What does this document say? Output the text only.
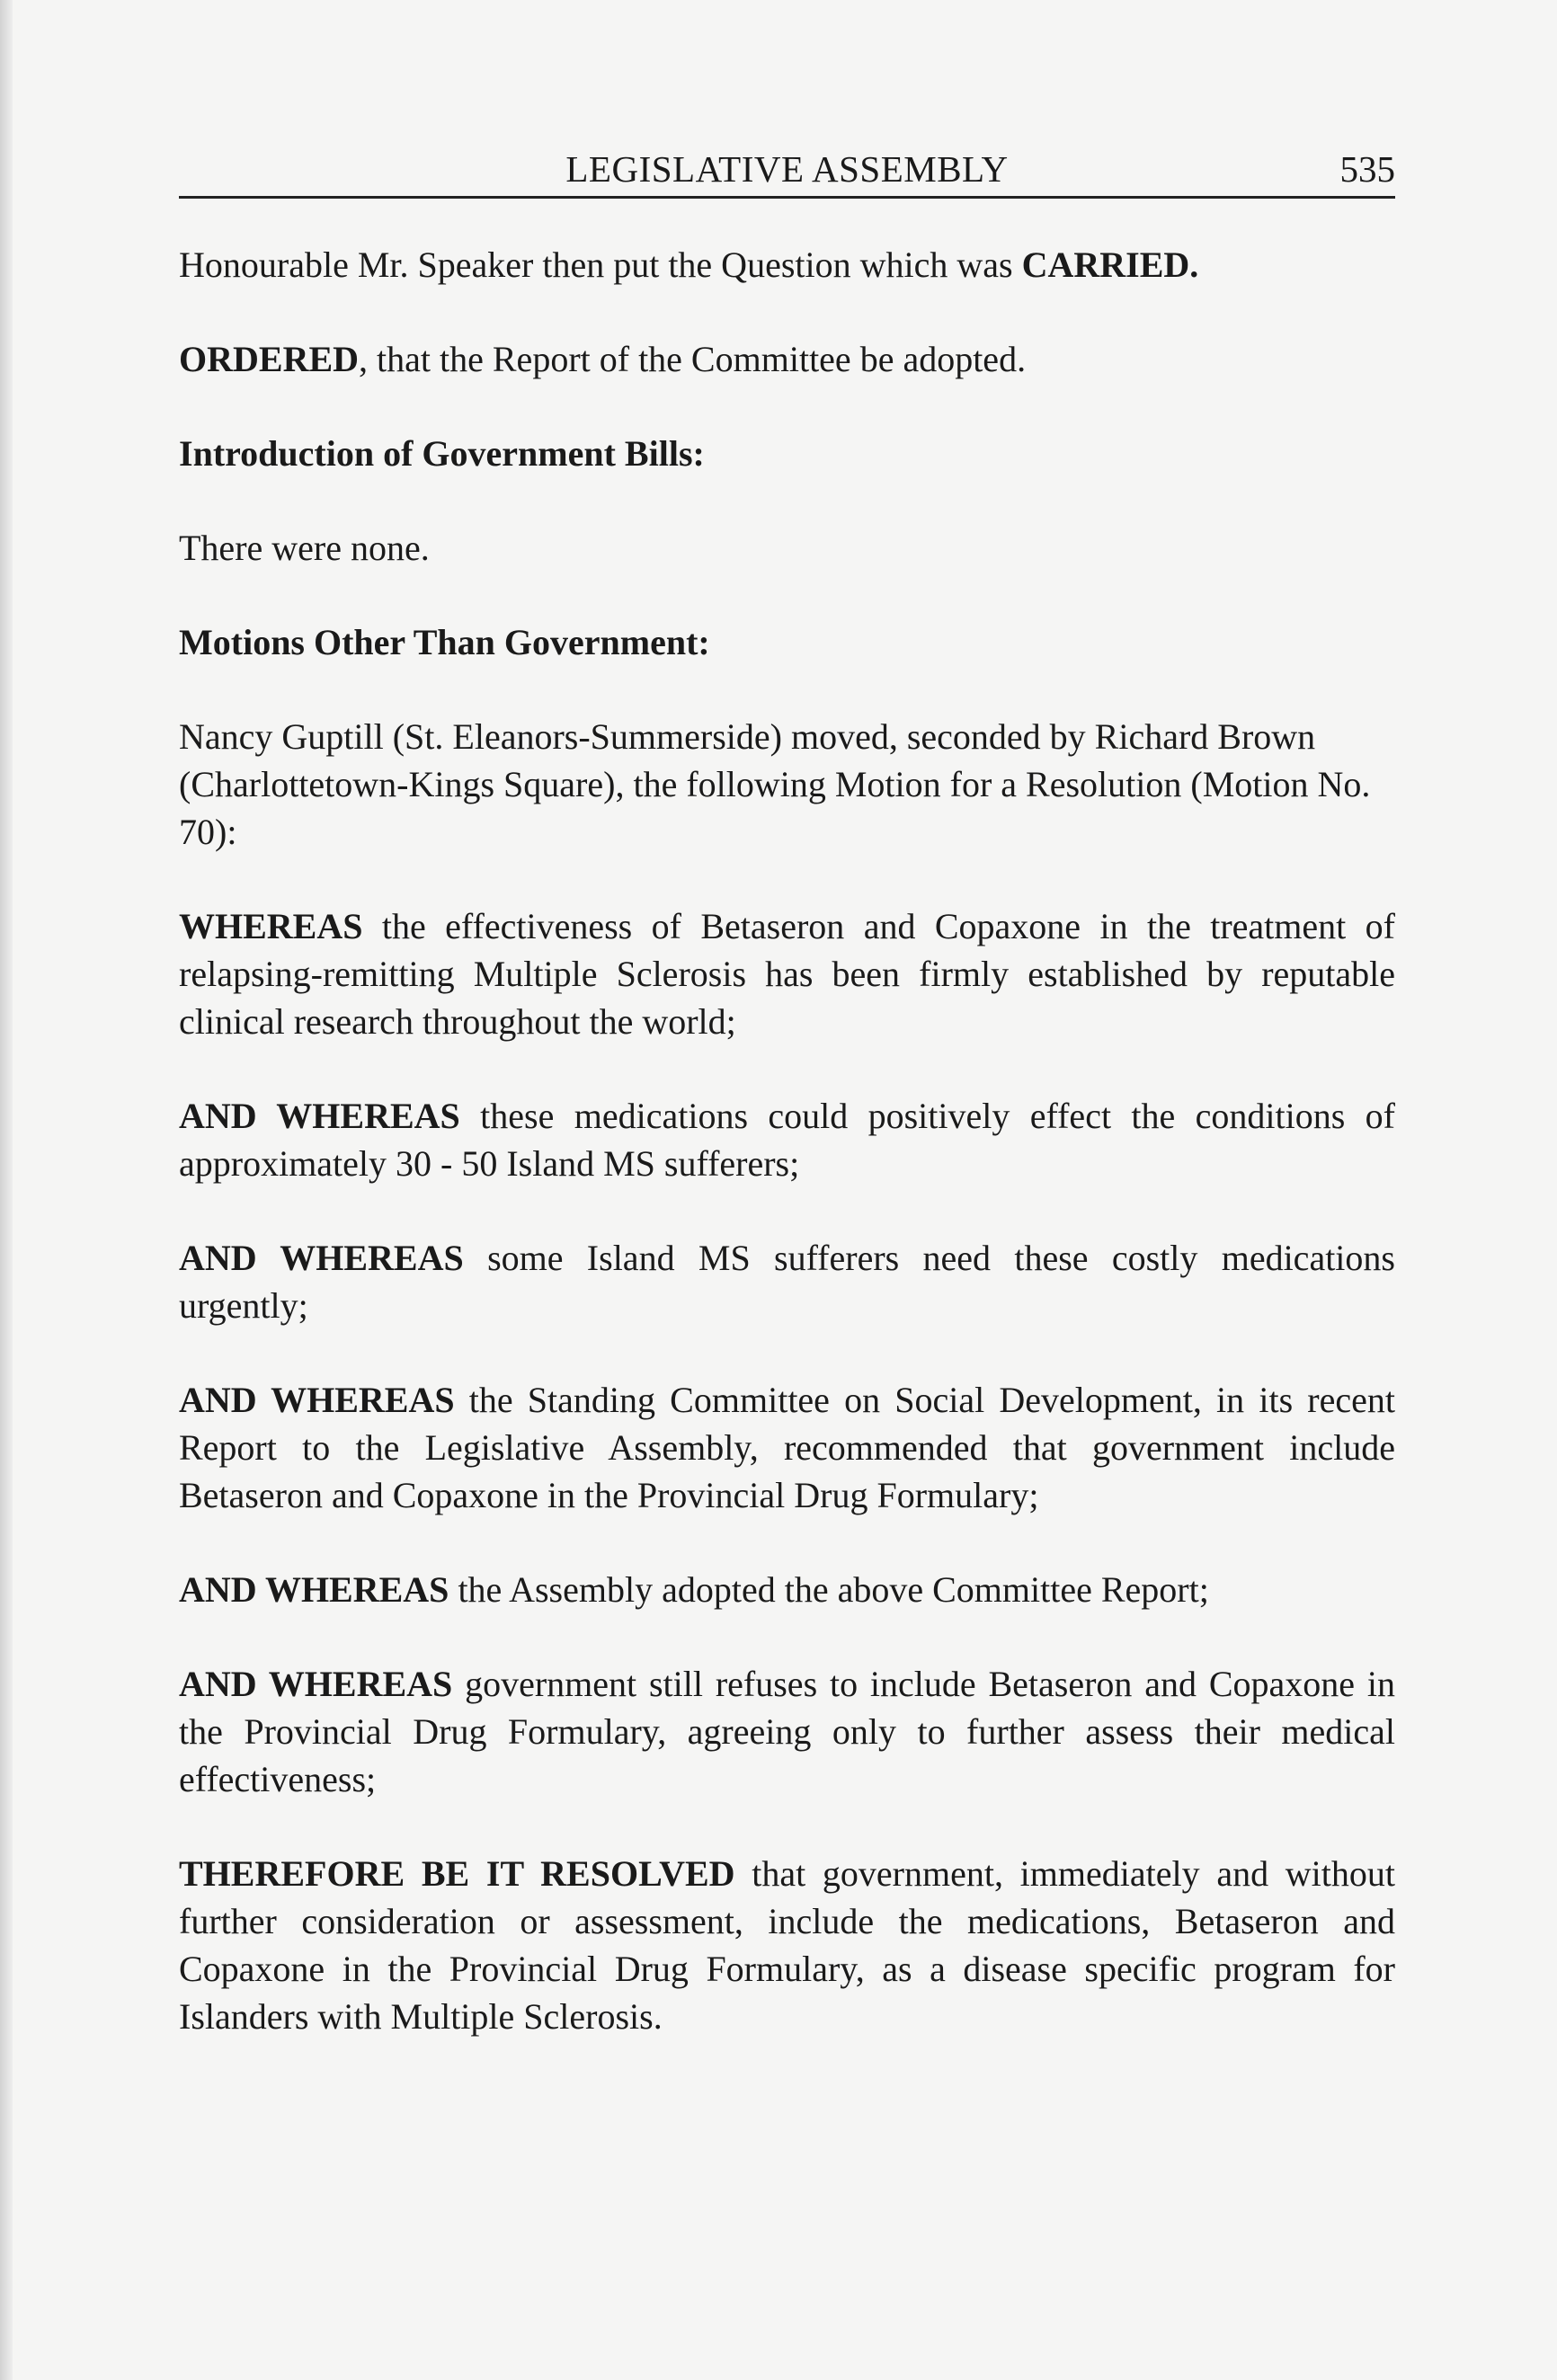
LEGISLATIVE ASSEMBLY	535

Honourable Mr. Speaker then put the Question which was CARRIED.

ORDERED, that the Report of the Committee be adopted.

Introduction of Government Bills:

There were none.

Motions Other Than Government:

Nancy Guptill (St. Eleanors-Summerside) moved, seconded by Richard Brown (Charlottetown-Kings Square), the following Motion for a Resolution (Motion No. 70):

WHEREAS the effectiveness of Betaseron and Copaxone in the treatment of relapsing-remitting Multiple Sclerosis has been firmly established by reputable clinical research throughout the world;

AND WHEREAS these medications could positively effect the conditions of approximately 30 - 50 Island MS sufferers;

AND WHEREAS some Island MS sufferers need these costly medications urgently;

AND WHEREAS the Standing Committee on Social Development, in its recent Report to the Legislative Assembly, recommended that government include Betaseron and Copaxone in the Provincial Drug Formulary;

AND WHEREAS the Assembly adopted the above Committee Report;

AND WHEREAS government still refuses to include Betaseron and Copaxone in the Provincial Drug Formulary, agreeing only to further assess their medical effectiveness;

THEREFORE BE IT RESOLVED that government, immediately and without further consideration or assessment, include the medications, Betaseron and Copaxone in the Provincial Drug Formulary, as a disease specific program for Islanders with Multiple Sclerosis.
